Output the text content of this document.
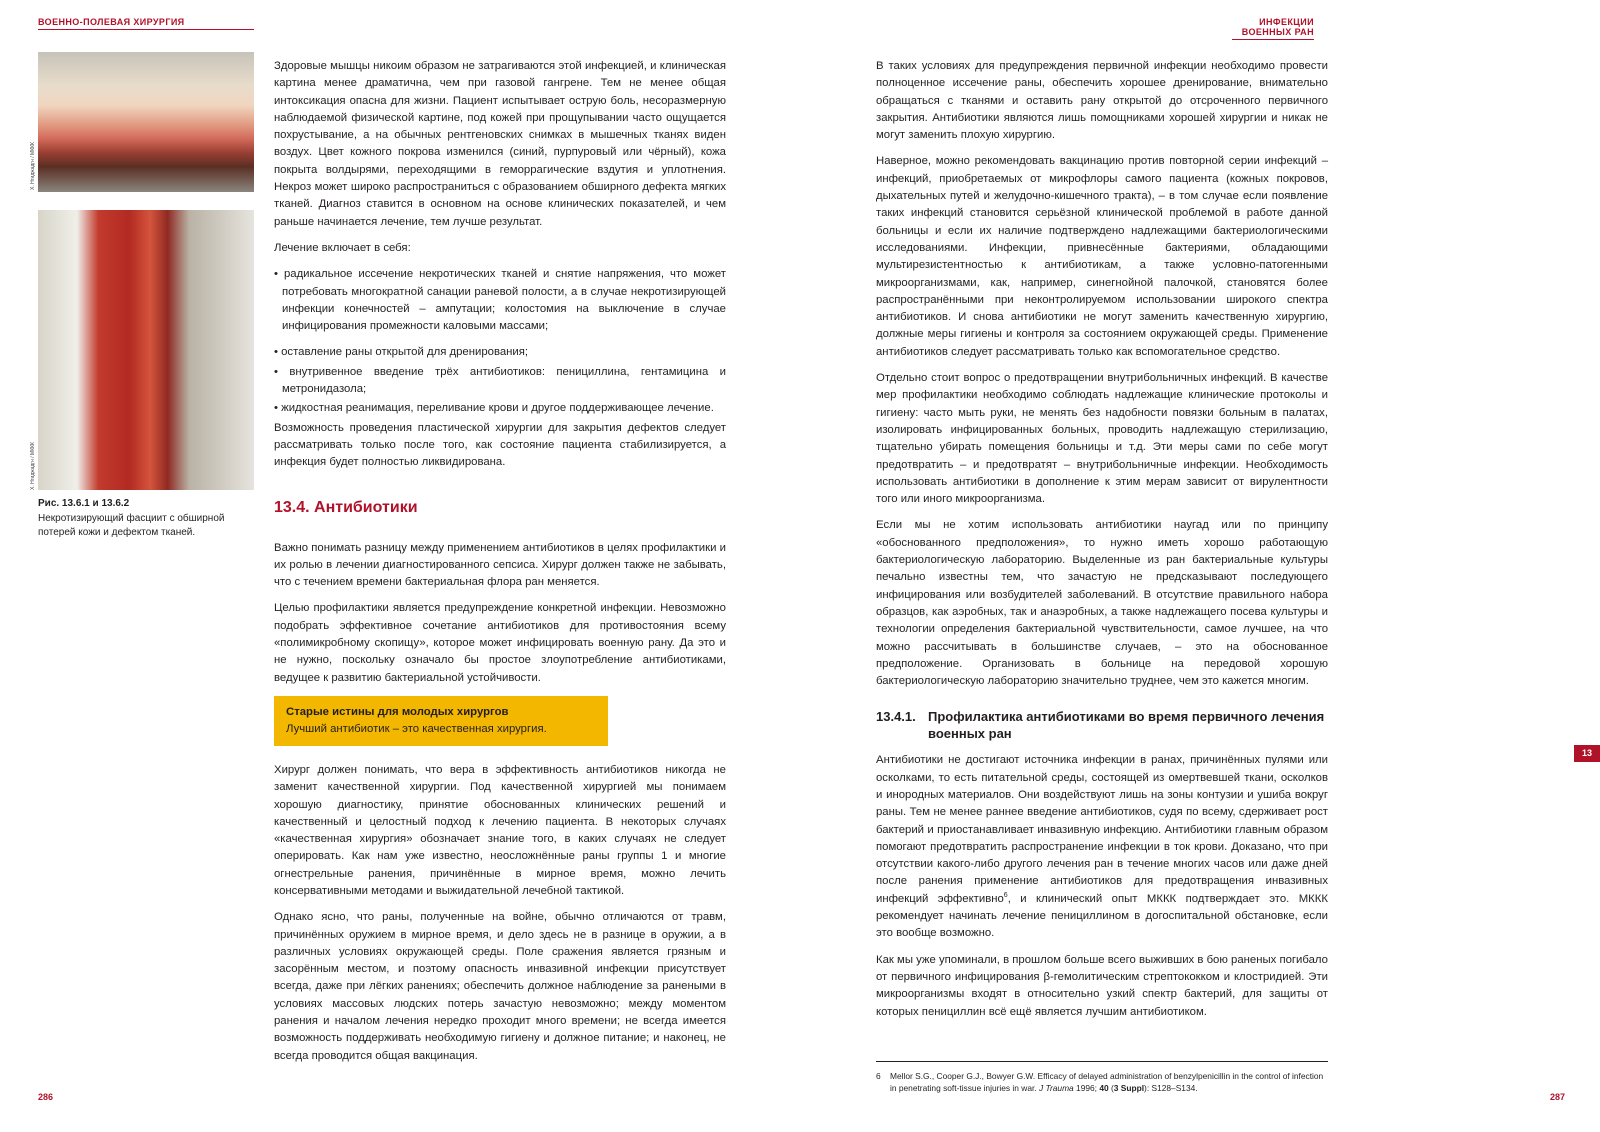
ВОЕННО-ПОЛЕВАЯ ХИРУРГИЯ	ИНФЕКЦИИ ВОЕННЫХ РАН
Х. Нгиджадгн / МККК
Х. Нгиджадгн / МККК
Рис. 13.6.1 и 13.6.2
Некротизирующий фасциит с обширной потерей кожи и дефектом тканей.

Здоровые мышцы никоим образом не затрагиваются этой инфекцией, и клиническая картина менее драматична, чем при газовой гангрене. Тем не менее общая интоксикация опасна для жизни. Пациент испытывает острую боль, несоразмерную наблюдаемой физической картине, под кожей при прощупывании часто ощущается похрустывание, а на обычных рентгеновских снимках в мышечных тканях виден воздух. Цвет кожного покрова изменился (синий, пурпуровый или чёрный), кожа покрыта волдырями, переходящими в геморрагические вздутия и уплотнения. Некроз может широко распространиться с образованием обширного дефекта мягких тканей. Диагноз ставится в основном на основе клинических показателей, и чем раньше начинается лечение, тем лучше результат.

Лечение включает в себя:

• радикальное иссечение некротических тканей и снятие напряжения, что может потребовать многократной санации раневой полости, а в случае некротизирующей инфекции конечностей – ампутации; колостомия на выключение в случае инфицирования промежности каловыми массами;
• оставление раны открытой для дренирования;
• внутривенное введение трёх антибиотиков: пенициллина, гентамицина и метронидазола;
• жидкостная реанимация, переливание крови и другое поддерживающее лечение.

Возможность проведения пластической хирургии для закрытия дефектов следует рассматривать только после того, как состояние пациента стабилизируется, а инфекция будет полностью ликвидирована.

13.4. Антибиотики

Важно понимать разницу между применением антибиотиков в целях профилактики и их ролью в лечении диагностированного сепсиса. Хирург должен также не забывать, что с течением времени бактериальная флора ран меняется.

Целью профилактики является предупреждение конкретной инфекции. Невозможно подобрать эффективное сочетание антибиотиков для противостояния всему «полимикробному скопищу», которое может инфицировать военную рану. Да это и не нужно, поскольку означало бы простое злоупотребление антибиотиками, ведущее к развитию бактериальной устойчивости.

Старые истины для молодых хирургов
Лучший антибиотик – это качественная хирургия.

Хирург должен понимать, что вера в эффективность антибиотиков никогда не заменит качественной хирургии. Под качественной хирургией мы понимаем хорошую диагностику, принятие обоснованных клинических решений и качественный и целостный подход к лечению пациента. В некоторых случаях «качественная хирургия» обозначает знание того, в каких случаях не следует оперировать. Как нам уже известно, неосложнённые раны группы 1 и многие огнестрельные ранения, причинённые в мирное время, можно лечить консервативными методами и выжидательной лечебной тактикой.

Однако ясно, что раны, полученные на войне, обычно отличаются от травм, причинённых оружием в мирное время, и дело здесь не в разнице в оружии, а в различных условиях окружающей среды. Поле сражения является грязным и засорённым местом, и поэтому опасность инвазивной инфекции присутствует всегда, даже при лёгких ранениях; обеспечить должное наблюдение за ранеными в условиях массовых людских потерь зачастую невозможно; между моментом ранения и началом лечения нередко проходит много времени; не всегда имеется возможность поддерживать необходимую гигиену и должное питание; и наконец, не всегда проводится общая вакцинация.

В таких условиях для предупреждения первичной инфекции необходимо провести полноценное иссечение раны, обеспечить хорошее дренирование, внимательно обращаться с тканями и оставить рану открытой до отсроченного первичного закрытия. Антибиотики являются лишь помощниками хорошей хирургии и никак не могут заменить плохую хирургию.

Наверное, можно рекомендовать вакцинацию против повторной серии инфекций – инфекций, приобретаемых от микрофлоры самого пациента (кожных покровов, дыхательных путей и желудочно-кишечного тракта), – в том случае если появление таких инфекций становится серьёзной клинической проблемой в работе данной больницы и если их наличие подтверждено надлежащими бактериологическими исследованиями. Инфекции, привнесённые бактериями, обладающими мультирезистентностью к антибиотикам, а также условно-патогенными микроорганизмами, как, например, синегнойной палочкой, становятся более распространёнными при неконтролируемом использовании широкого спектра антибиотиков. И снова антибиотики не могут заменить качественную хирургию, должные меры гигиены и контроля за состоянием окружающей среды. Применение антибиотиков следует рассматривать только как вспомогательное средство.

Отдельно стоит вопрос о предотвращении внутрибольничных инфекций. В качестве мер профилактики необходимо соблюдать надлежащие клинические протоколы и гигиену: часто мыть руки, не менять без надобности повязки больным в палатах, изолировать инфицированных больных, проводить надлежащую стерилизацию, тщательно убирать помещения больницы и т.д. Эти меры сами по себе могут предотвратить – и предотвратят – внутрибольничные инфекции. Необходимость использовать антибиотики в дополнение к этим мерам зависит от вирулентности того или иного микроорганизма.

Если мы не хотим использовать антибиотики наугад или по принципу «обоснованного предположения», то нужно иметь хорошо работающую бактериологическую лабораторию. Выделенные из ран бактериальные культуры печально известны тем, что зачастую не предсказывают последующего инфицирования или возбудителей заболеваний. В отсутствие правильного набора образцов, как аэробных, так и анаэробных, а также надлежащего посева культуры и технологии определения бактериальной чувствительности, самое лучшее, на что можно рассчитывать в большинстве случаев, – это на обоснованное предположение. Организовать в больнице на передовой хорошую бактериологическую лабораторию значительно труднее, чем это кажется многим.

13.4.1. Профилактика антибиотиками во время первичного лечения военных ран

Антибиотики не достигают источника инфекции в ранах, причинённых пулями или осколками, то есть питательной среды, состоящей из омертвевшей ткани, осколков и инородных материалов. Они воздействуют лишь на зоны контузии и ушиба вокруг раны. Тем не менее раннее введение антибиотиков, судя по всему, сдерживает рост бактерий и приостанавливает инвазивную инфекцию. Антибиотики главным образом помогают предотвратить распространение инфекции в ток крови. Доказано, что при отсутствии какого-либо другого лечения ран в течение многих часов или даже дней после ранения применение антибиотиков для предотвращения инвазивных инфекций эффективно$^6$, и клинический опыт МККК подтверждает это. МККК рекомендует начинать лечение пенициллином в догоспитальной обстановке, если это вообще возможно.

Как мы уже упоминали, в прошлом больше всего выживших в бою раненых погибало от первичного инфицирования β-гемолитическим стрептококком и клостридией. Эти микроорганизмы входят в относительно узкий спектр бактерий, для защиты от которых пенициллин всё ещё является лучшим антибиотиком.

6	Mellor S.G., Cooper G.J., Bowyer G.W. Efficacy of delayed administration of benzylpenicillin in the control of infection in penetrating soft-tissue injuries in war. J Trauma 1996; 40 (3 Suppl): S128–S134.
286	287
13
